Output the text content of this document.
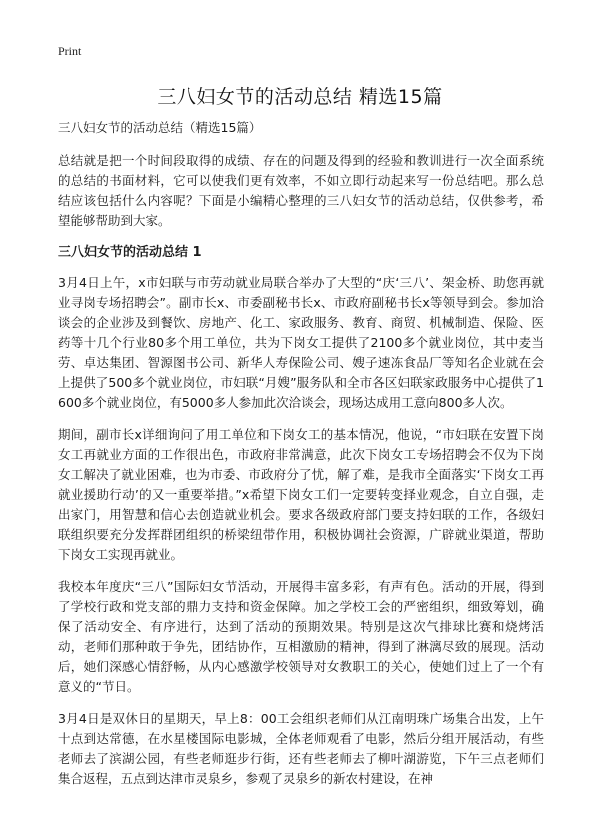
Print
三八妇女节的活动总结 精选15篇
三八妇女节的活动总结（精选15篇）

总结就是把一个时间段取得的成绩、存在的问题及得到的经验和教训进行一次全面系统的总结的书面材料，它可以使我们更有效率，不如立即行动起来写一份总结吧。那么总结应该包括什么内容呢？下面是小编精心整理的三八妇女节的活动总结，仅供参考，希望能够帮助到大家。

三八妇女节的活动总结 1

3月4日上午，x市妇联与市劳动就业局联合举办了大型的“庆‘三八’、架金桥、助您再就业寻岗专场招聘会”。副市长x、市委副秘书长x、市政府副秘书长x等领导到会。参加洽谈会的企业涉及到餐饮、房地产、化工、家政服务、教育、商贸、机械制造、保险、医药等十几个行业80多个用工单位，共为下岗女工提供了2100多个就业岗位，其中麦当劳、卓达集团、智源图书公司、新华人寿保险公司、嫂子速冻食品厂等知名企业就在会上提供了500多个就业岗位，市妇联“月嫂”服务队和全市各区妇联家政服务中心提供了1600多个就业岗位，有5000多人参加此次洽谈会，现场达成用工意向800多人次。

期间，副市长x详细询问了用工单位和下岗女工的基本情况，他说，“市妇联在安置下岗女工再就业方面的工作很出色，市政府非常满意，此次下岗女工专场招聘会不仅为下岗女工解决了就业困难，也为市委、市政府分了忧，解了难，是我市全面落实‘下岗女工再就业援助行动’的又一重要举措。”x希望下岗女工们一定要转变择业观念，自立自强，走出家门，用智慧和信心去创造就业机会。要求各级政府部门要支持妇联的工作，各级妇联组织要充分发挥群团组织的桥梁纽带作用，积极协调社会资源，广辟就业渠道，帮助下岗女工实现再就业。

我校本年度庆“三八”国际妇女节活动，开展得丰富多彩，有声有色。活动的开展，得到了学校行政和党支部的鼎力支持和资金保障。加之学校工会的严密组织，细致筹划，确保了活动安全、有序进行，达到了活动的预期效果。特别是这次气排球比赛和烧烤活动，老师们那种敢于争先，团结协作，互相激励的精神，得到了淋漓尽致的展现。活动后，她们深感心情舒畅，从内心感激学校领导对女教职工的关心，使她们过上了一个有意义的“节日。

3月4日是双休日的星期天，早上8：00工会组织老师们从江南明珠广场集合出发，上午十点到达常德，在水星楼国际电影城，全体老师观看了电影，然后分组开展活动，有些老师去了滨湖公园，有些老师逛步行街，还有些老师去了柳叶湖游览，下午三点老师们集合返程，五点到达津市灵泉乡，参观了灵泉乡的新农村建设，在神
